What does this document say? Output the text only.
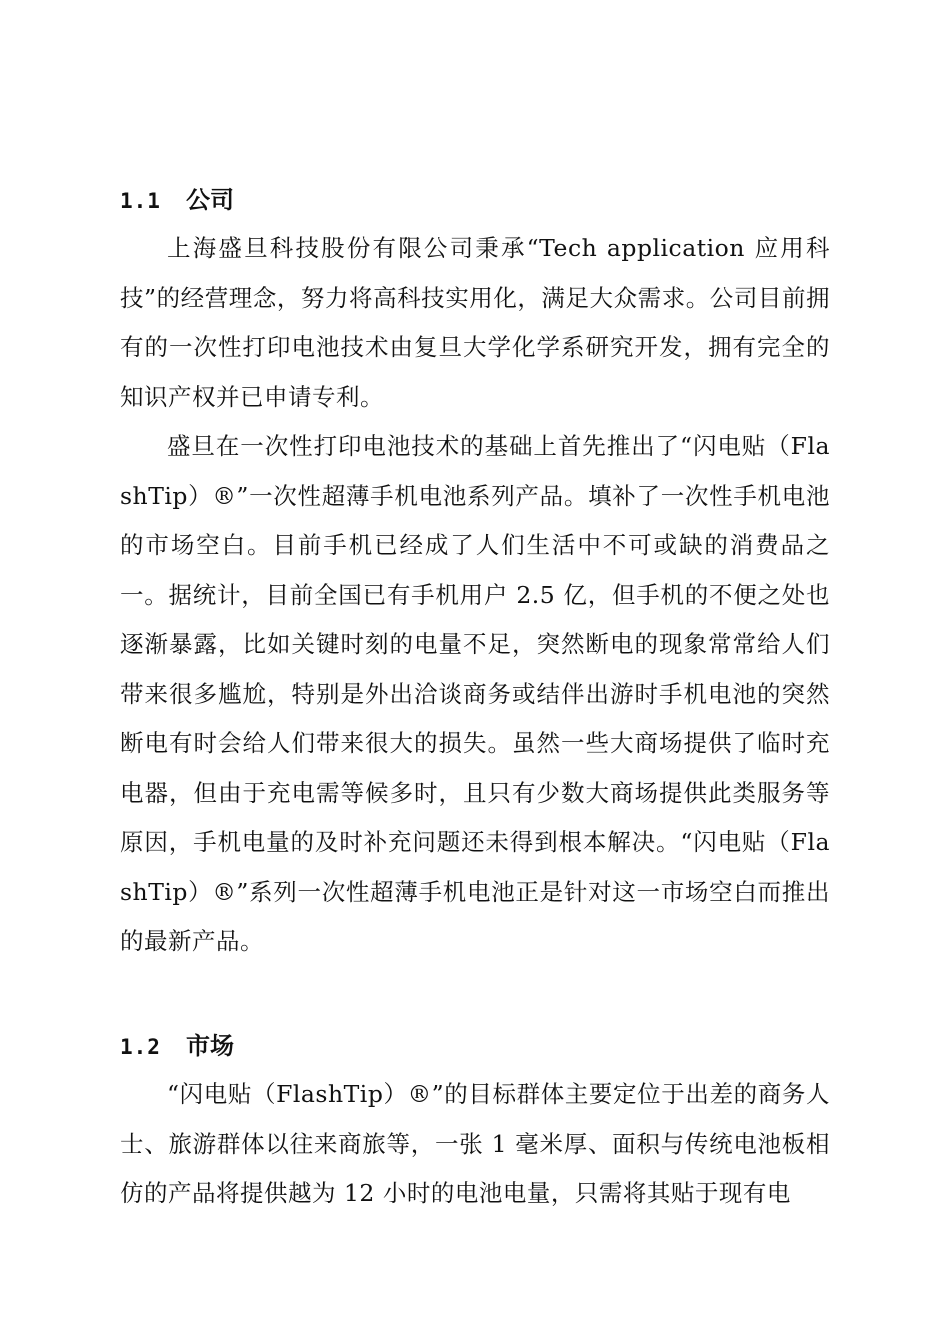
1.1	公司

上海盛旦科技股份有限公司秉承“Tech application 应用科技”的经营理念，努力将高科技实用化，满足大众需求。公司目前拥有的一次性打印电池技术由复旦大学化学系研究开发，拥有完全的知识产权并已申请专利。

盛旦在一次性打印电池技术的基础上首先推出了“闪电贴（FlashTip）®”一次性超薄手机电池系列产品。填补了一次性手机电池的市场空白。目前手机已经成了人们生活中不可或缺的消费品之一。据统计，目前全国已有手机用户 2.5 亿，但手机的不便之处也逐渐暴露，比如关键时刻的电量不足，突然断电的现象常常给人们带来很多尴尬，特别是外出洽谈商务或结伴出游时手机电池的突然断电有时会给人们带来很大的损失。虽然一些大商场提供了临时充电器，但由于充电需等候多时，且只有少数大商场提供此类服务等原因，手机电量的及时补充问题还未得到根本解决。“闪电贴（FlashTip）®”系列一次性超薄手机电池正是针对这一市场空白而推出的最新产品。

1.2	市场

“闪电贴（FlashTip）®”的目标群体主要定位于出差的商务人士、旅游群体以往来商旅等，一张 1 毫米厚、面积与传统电池板相仿的产品将提供越为 12 小时的电池电量，只需将其贴于现有电
